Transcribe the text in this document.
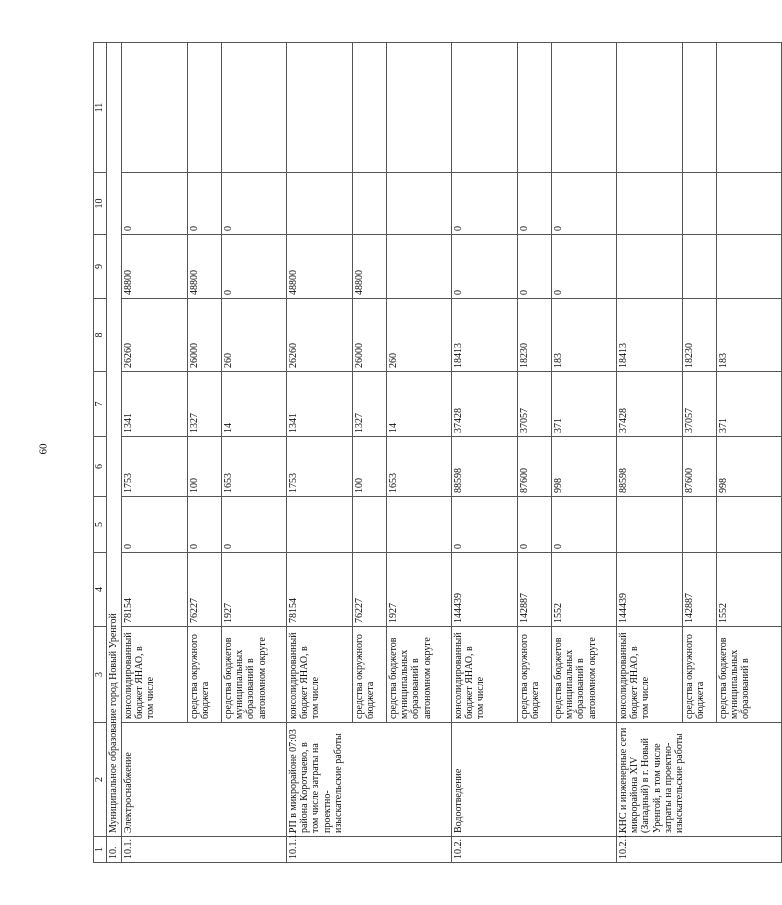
60
1	2	3	4	5	6	7	8	9	10	11
10.	Муниципальное образование город Новый Уренгой									
10.1.	Электроснабжение	консолидированный бюджет ЯНАО, в том числе	78154	0	1753	1341	26260	48800	0	
		средства окружного бюджета	76227	0	100	1327	26000	48800	0	
		средства бюджетов муниципальных образований в автономном округе	1927	0	1653	14	260	0	0	
10.1.1.	РП в микрорайоне 07:03 района Коротчаево, в том числе затраты на проектно-изыскательские работы	консолидированный бюджет ЯНАО, в том числе	78154		1753	1341	26260	48800		
		средства окружного бюджета	76227		100	1327	26000	48800		
		средства бюджетов муниципальных образований в автономном округе	1927		1653	14	260			
10.2.	Водоотведение	консолидированный бюджет ЯНАО, в том числе	144439	0	88598	37428	18413	0	0	
		средства окружного бюджета	142887	0	87600	37057	18230	0	0	
		средства бюджетов муниципальных образований в автономном округе	1552	0	998	371	183	0	0	
10.2.1.	КНС и инженерные сети микрорайона XIV (Западный) в г. Новый Уренгой, в том числе затраты на проектно-изыскательские работы	консолидированный бюджет ЯНАО, в том числе	144439		88598	37428	18413			
		средства окружного бюджета	142887		87600	37057	18230			
		средства бюджетов муниципальных образований в	1552		998	371	183			
